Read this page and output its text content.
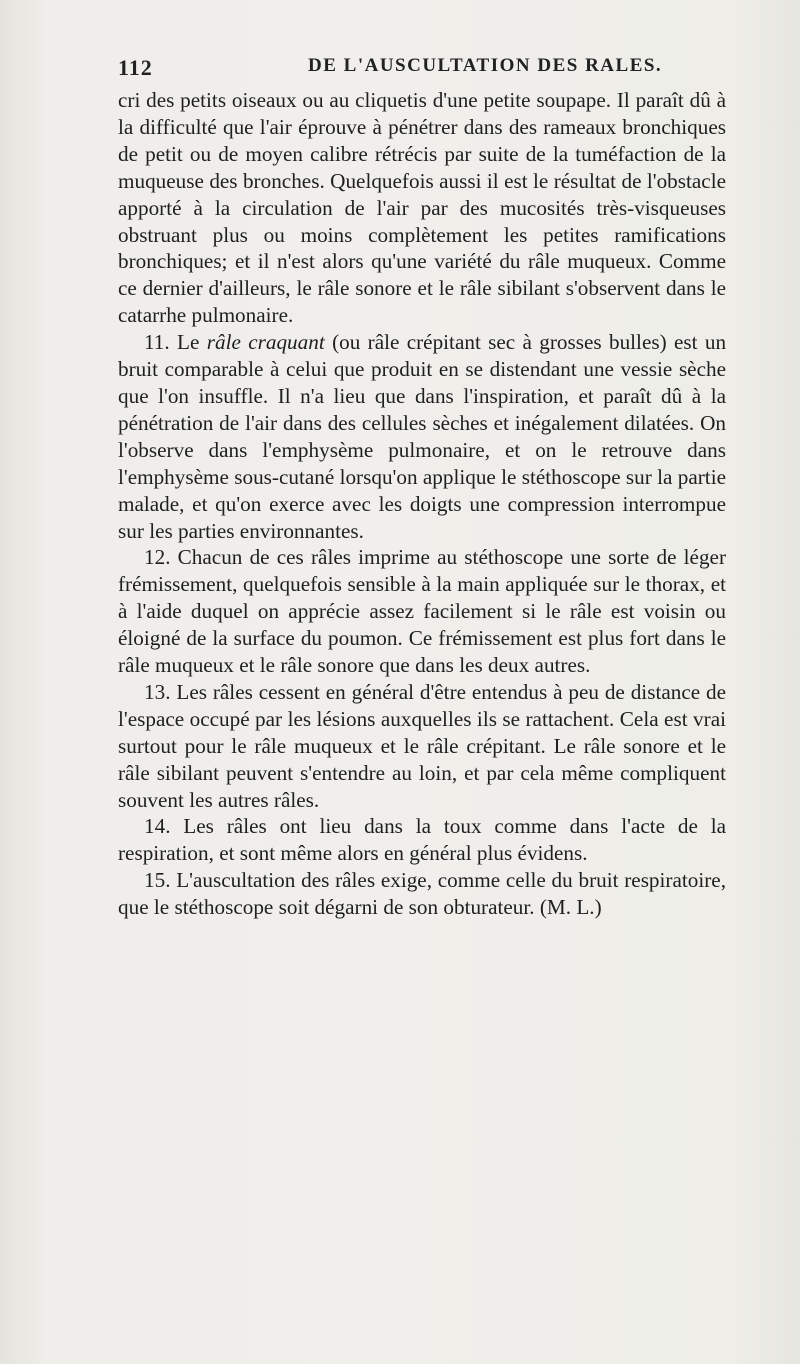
112	DE L'AUSCULTATION DES RALES.

cri des petits oiseaux ou au cliquetis d'une petite soupape. Il paraît dû à la difficulté que l'air éprouve à pénétrer dans des rameaux bronchiques de petit ou de moyen calibre rétrécis par suite de la tuméfaction de la muqueuse des bronches. Quelquefois aussi il est le résultat de l'obstacle apporté à la circulation de l'air par des mucosités très-visqueuses obstruant plus ou moins complètement les petites ramifications bronchiques; et il n'est alors qu'une variété du râle muqueux. Comme ce dernier d'ailleurs, le râle sonore et le râle sibilant s'observent dans le catarrhe pulmonaire.

11. Le râle craquant (ou râle crépitant sec à grosses bulles) est un bruit comparable à celui que produit en se distendant une vessie sèche que l'on insuffle. Il n'a lieu que dans l'inspiration, et paraît dû à la pénétration de l'air dans des cellules sèches et inégalement dilatées. On l'observe dans l'emphysème pulmonaire, et on le retrouve dans l'emphysème sous-cutané lorsqu'on applique le stéthoscope sur la partie malade, et qu'on exerce avec les doigts une compression interrompue sur les parties environnantes.

12. Chacun de ces râles imprime au stéthoscope une sorte de léger frémissement, quelquefois sensible à la main appliquée sur le thorax, et à l'aide duquel on apprécie assez facilement si le râle est voisin ou éloigné de la surface du poumon. Ce frémissement est plus fort dans le râle muqueux et le râle sonore que dans les deux autres.

13. Les râles cessent en général d'être entendus à peu de distance de l'espace occupé par les lésions auxquelles ils se rattachent. Cela est vrai surtout pour le râle muqueux et le râle crépitant. Le râle sonore et le râle sibilant peuvent s'entendre au loin, et par cela même compliquent souvent les autres râles.

14. Les râles ont lieu dans la toux comme dans l'acte de la respiration, et sont même alors en général plus évidens.

15. L'auscultation des râles exige, comme celle du bruit respiratoire, que le stéthoscope soit dégarni de son obturateur. (M. L.)
